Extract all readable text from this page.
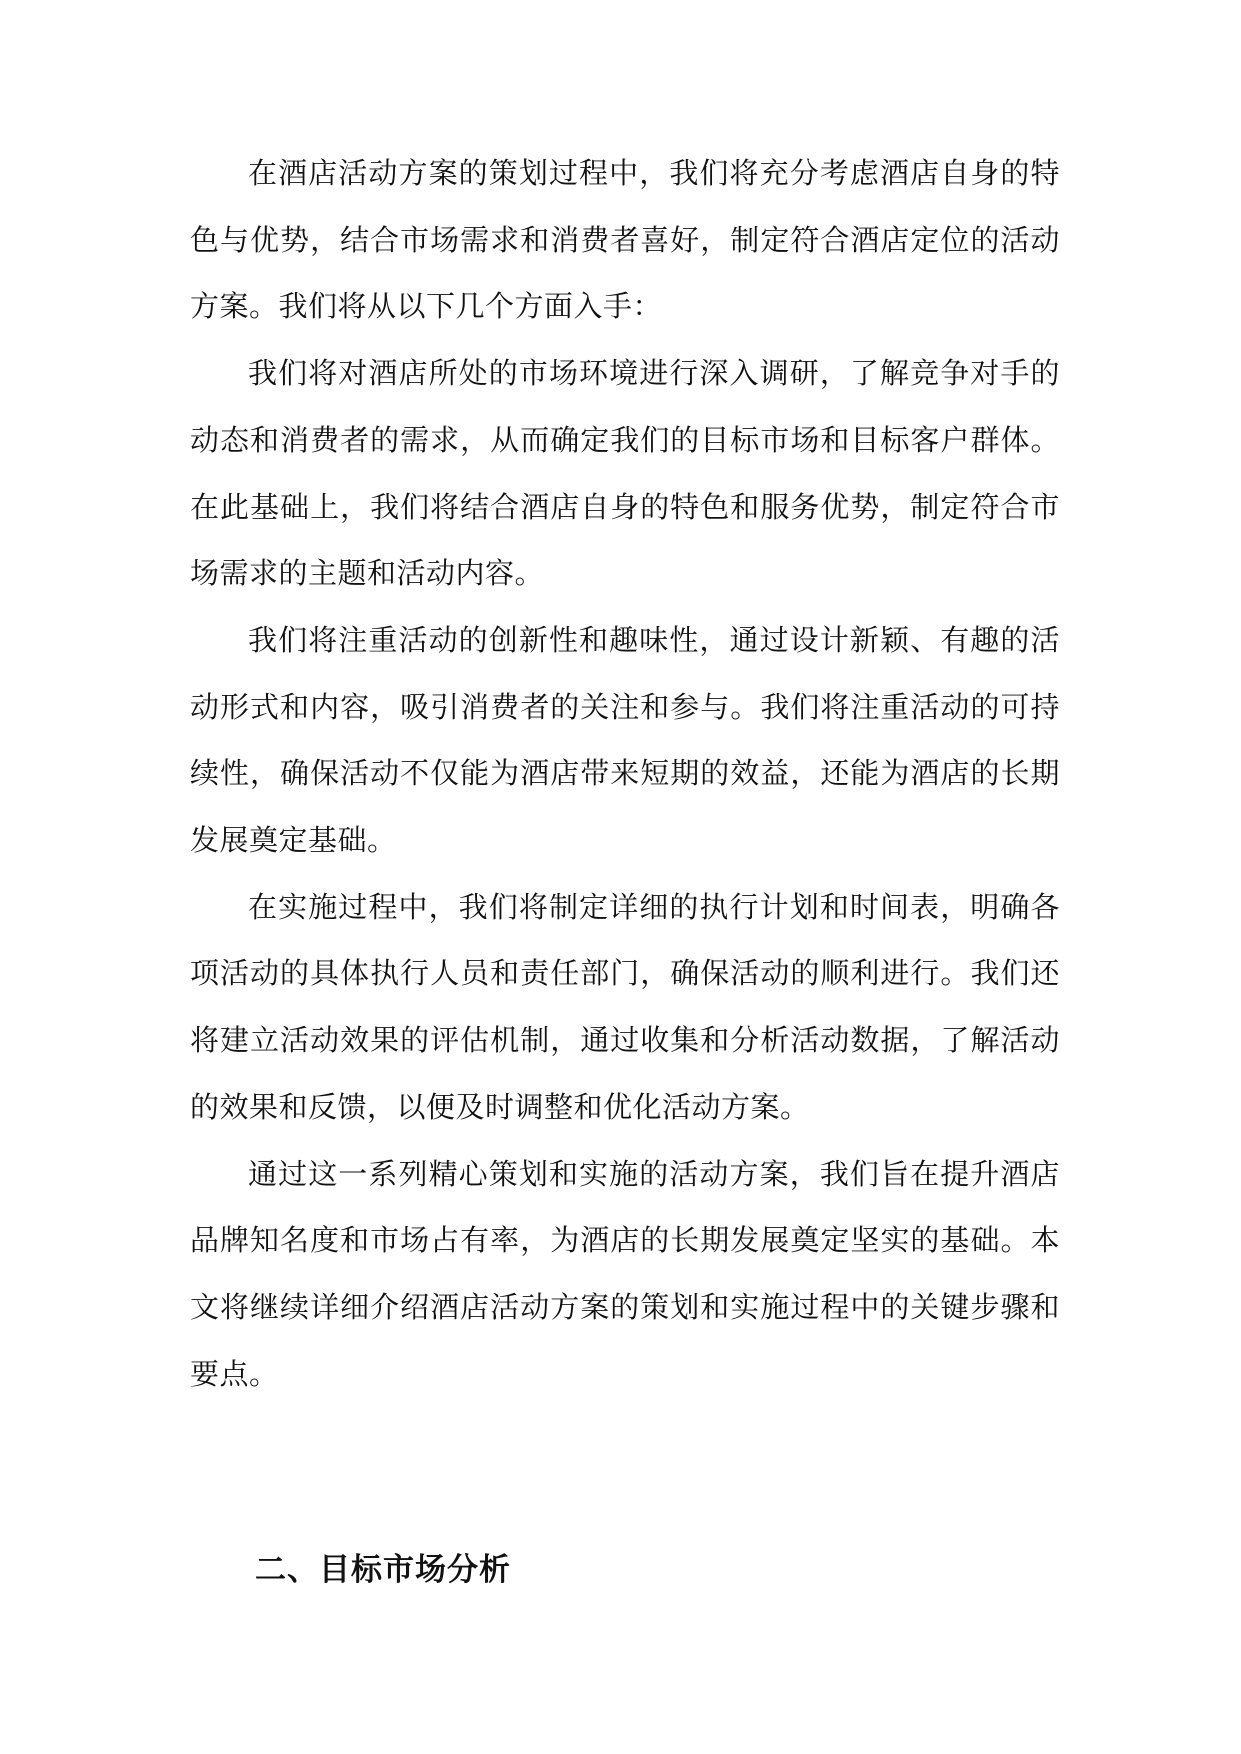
在酒店活动方案的策划过程中，我们将充分考虑酒店自身的特色与优势，结合市场需求和消费者喜好，制定符合酒店定位的活动方案。我们将从以下几个方面入手：

我们将对酒店所处的市场环境进行深入调研，了解竞争对手的动态和消费者的需求，从而确定我们的目标市场和目标客户群体。在此基础上，我们将结合酒店自身的特色和服务优势，制定符合市场需求的主题和活动内容。

我们将注重活动的创新性和趣味性，通过设计新颖、有趣的活动形式和内容，吸引消费者的关注和参与。我们将注重活动的可持续性，确保活动不仅能为酒店带来短期的效益，还能为酒店的长期发展奠定基础。

在实施过程中，我们将制定详细的执行计划和时间表，明确各项活动的具体执行人员和责任部门，确保活动的顺利进行。我们还将建立活动效果的评估机制，通过收集和分析活动数据，了解活动的效果和反馈，以便及时调整和优化活动方案。

通过这一系列精心策划和实施的活动方案，我们旨在提升酒店品牌知名度和市场占有率，为酒店的长期发展奠定坚实的基础。本文将继续详细介绍酒店活动方案的策划和实施过程中的关键步骤和要点。

二、目标市场分析
